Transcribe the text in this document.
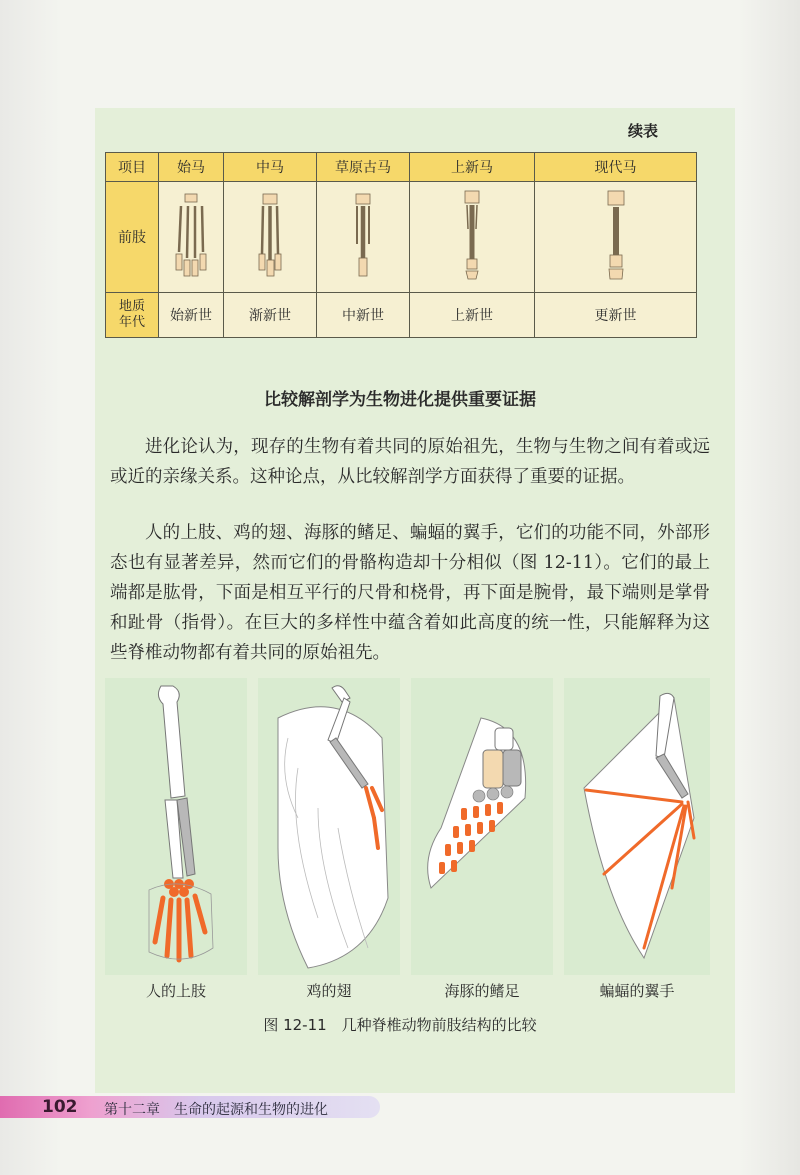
续表
项目	始马	中马	草原古马	上新马	现代马
前肢					
地质
年代	始新世	渐新世	中新世	上新世	更新世
比较解剖学为生物进化提供重要证据

进化论认为，现存的生物有着共同的原始祖先，生物与生物之间有着或远或近的亲缘关系。这种论点，从比较解剖学方面获得了重要的证据。

人的上肢、鸡的翅、海豚的鳍足、蝙蝠的翼手，它们的功能不同，外部形态也有显著差异，然而它们的骨骼构造却十分相似（图 12-11）。它们的最上端都是肱骨，下面是相互平行的尺骨和桡骨，再下面是腕骨，最下端则是掌骨和趾骨（指骨）。在巨大的多样性中蕴含着如此高度的统一性，只能解释为这些脊椎动物都有着共同的原始祖先。

人的上肢	鸡的翅	海豚的鳍足	蝙蝠的翼手
图 12-11　几种脊椎动物前肢结构的比较
102 第十二章 生命的起源和生物的进化
